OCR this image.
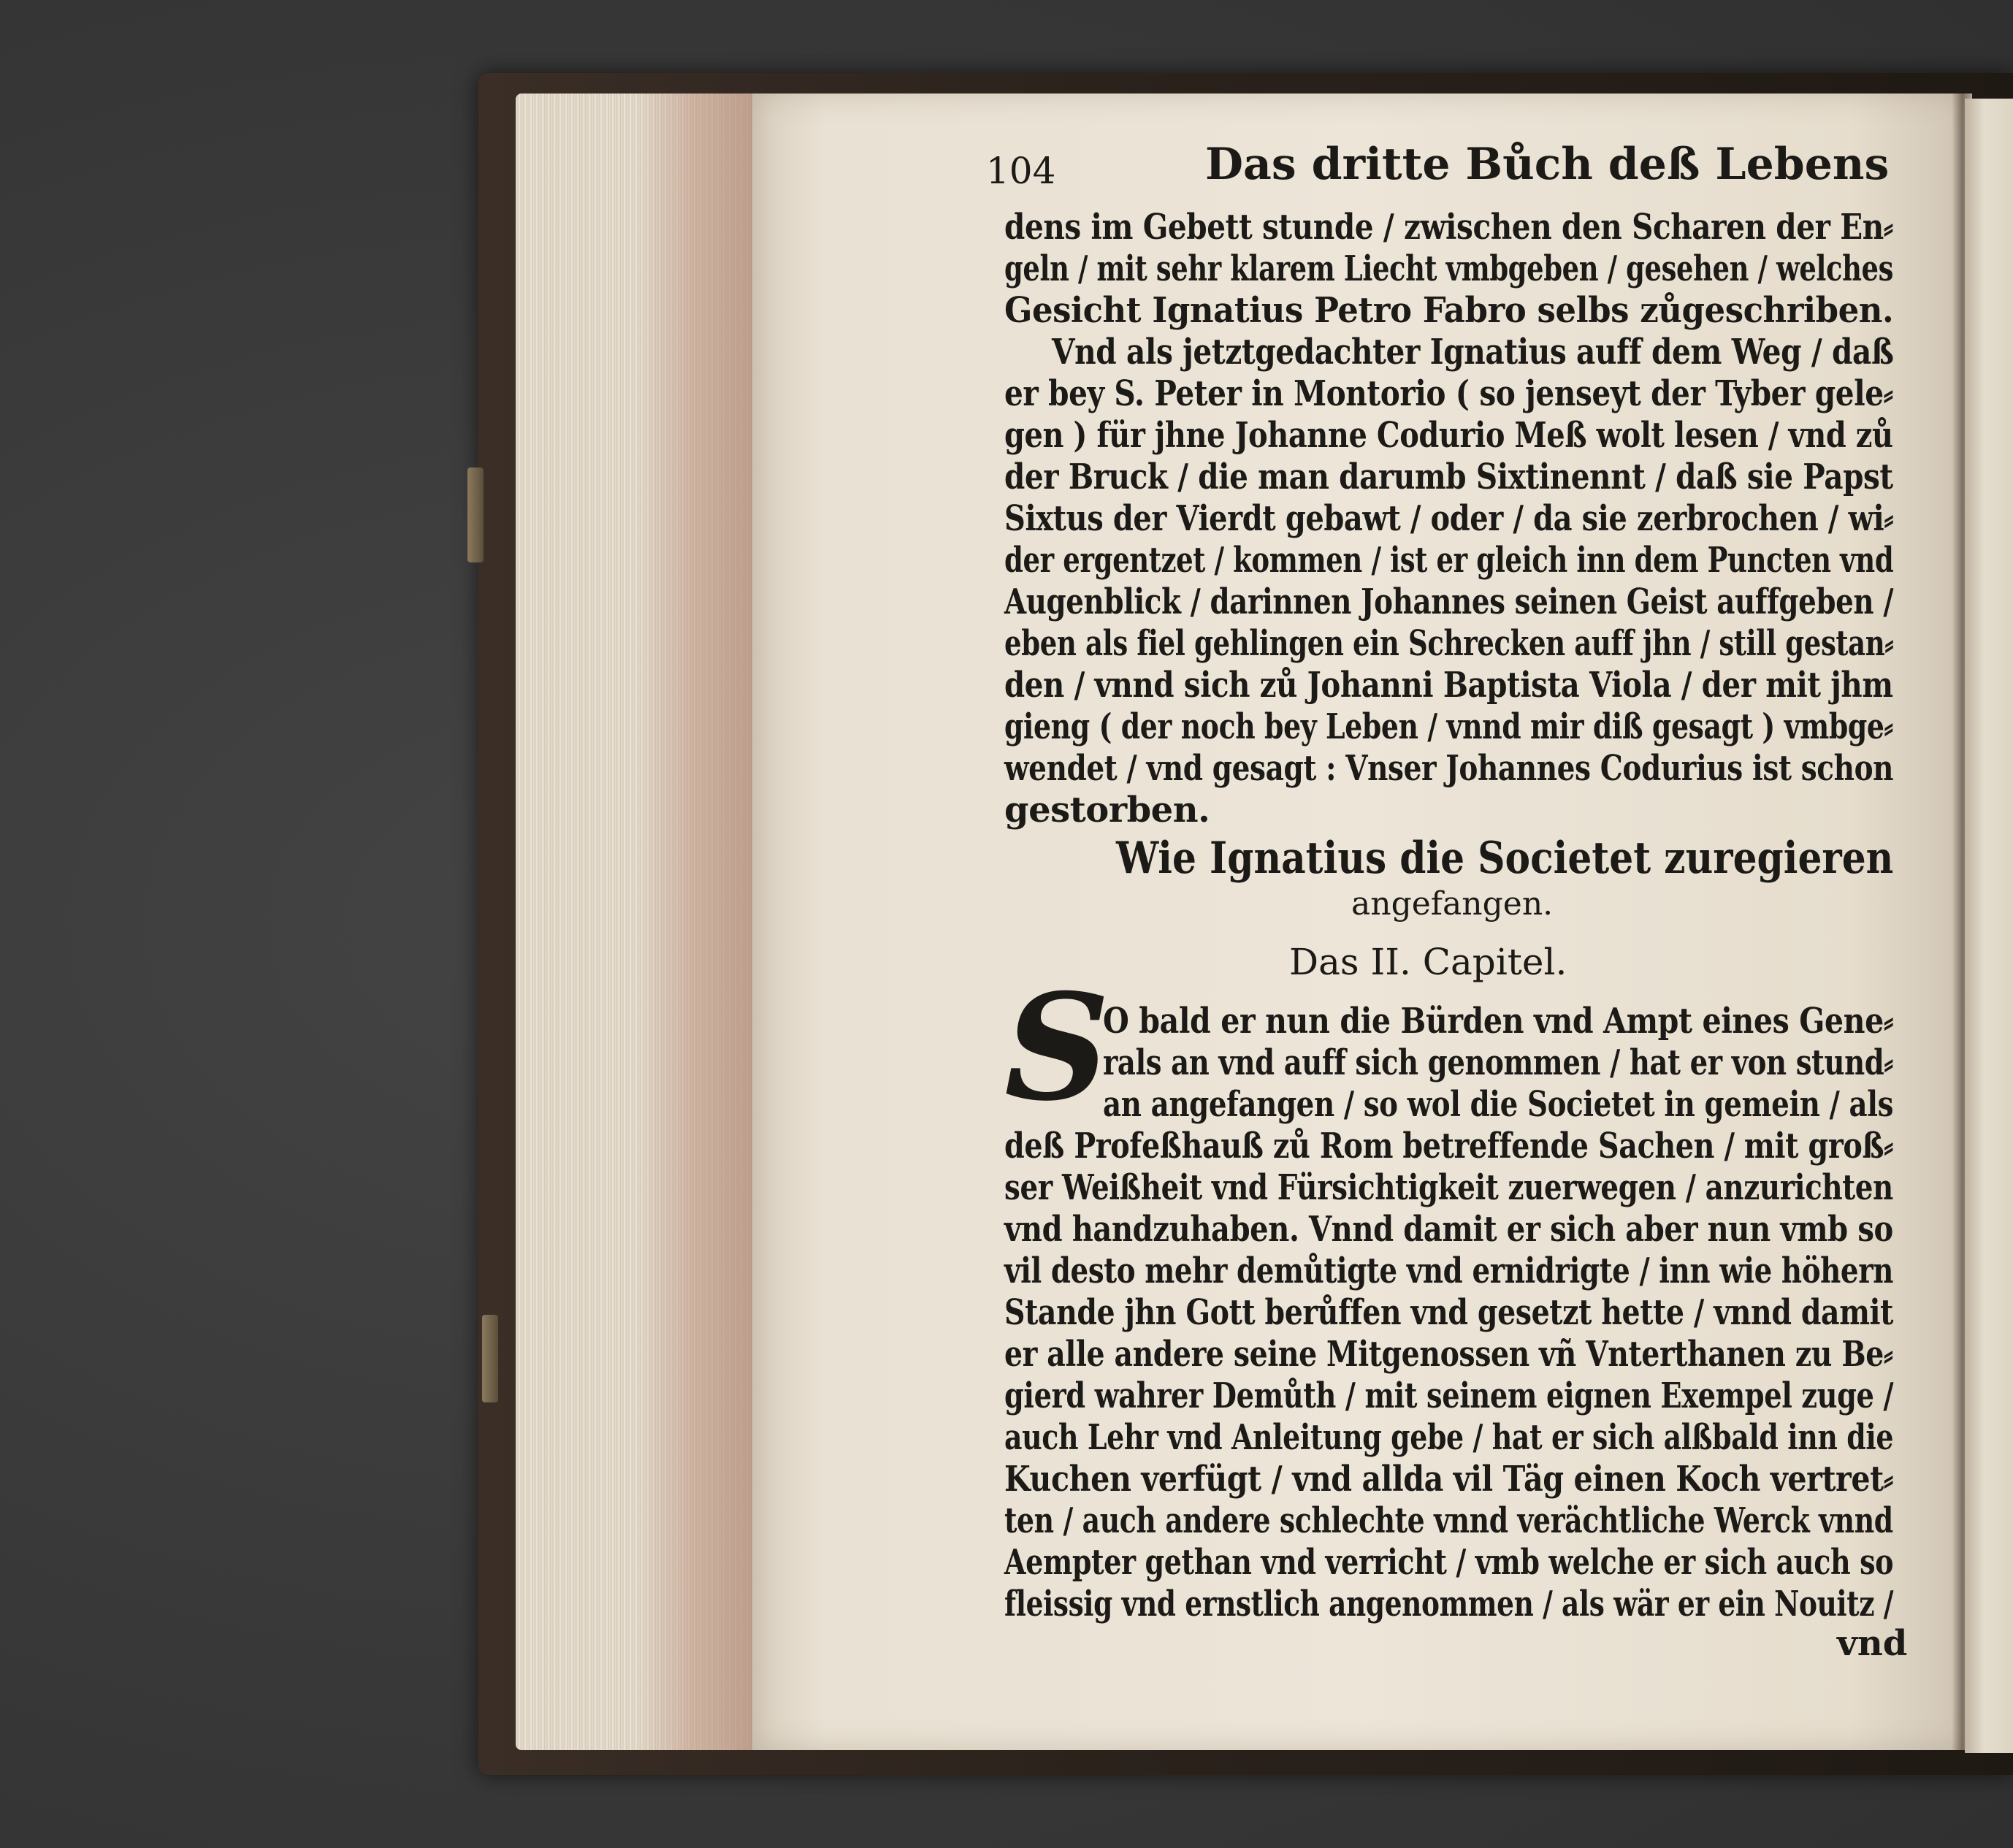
104	Das dritte Bůch deß Lebens
dens im Gebett stunde / zwischen den Scharen der En⸗
geln / mit sehr klarem Liecht vmbgeben / gesehen / welches
Gesicht Ignatius Petro Fabro selbs zůgeschriben.
Vnd als jetztgedachter Ignatius auff dem Weg / daß
er bey S. Peter in Montorio ( so jenseyt der Tyber gele⸗
gen ) für jhne Johanne Codurio Meß wolt lesen / vnd zů
der Bruck / die man darumb Sixtinennt / daß sie Papst
Sixtus der Vierdt gebawt / oder / da sie zerbrochen / wi⸗
der ergentzet / kommen / ist er gleich inn dem Puncten vnd
Augenblick / darinnen Johannes seinen Geist auffgeben /
eben als fiel gehlingen ein Schrecken auff jhn / still gestan⸗
den / vnnd sich zů Johanni Baptista Viola / der mit jhm
gieng ( der noch bey Leben / vnnd mir diß gesagt ) vmbge⸗
wendet / vnd gesagt : Vnser Johannes Codurius ist schon
gestorben.
Wie Ignatius die Societet zuregieren
angefangen.
Das II. Capitel.
S
O bald er nun die Bürden vnd Ampt eines Gene⸗
rals an vnd auff sich genommen / hat er von stund⸗
an angefangen / so wol die Societet in gemein / als
deß Profeßhauß zů Rom betreffende Sachen / mit groß⸗
ser Weißheit vnd Fürsichtigkeit zuerwegen / anzurichten
vnd handzuhaben. Vnnd damit er sich aber nun vmb so
vil desto mehr demůtigte vnd ernidrigte / inn wie höhern
Stande jhn Gott berůffen vnd gesetzt hette / vnnd damit
er alle andere seine Mitgenossen vñ Vnterthanen zu Be⸗
gierd wahrer Demůth / mit seinem eignen Exempel zuge /
auch Lehr vnd Anleitung gebe / hat er sich alßbald inn die
Kuchen verfügt / vnd allda vil Täg einen Koch vertret⸗
ten / auch andere schlechte vnnd verächtliche Werck vnnd
Aempter gethan vnd verricht / vmb welche er sich auch so
fleissig vnd ernstlich angenommen / als wär er ein Nouitz /
vnd
